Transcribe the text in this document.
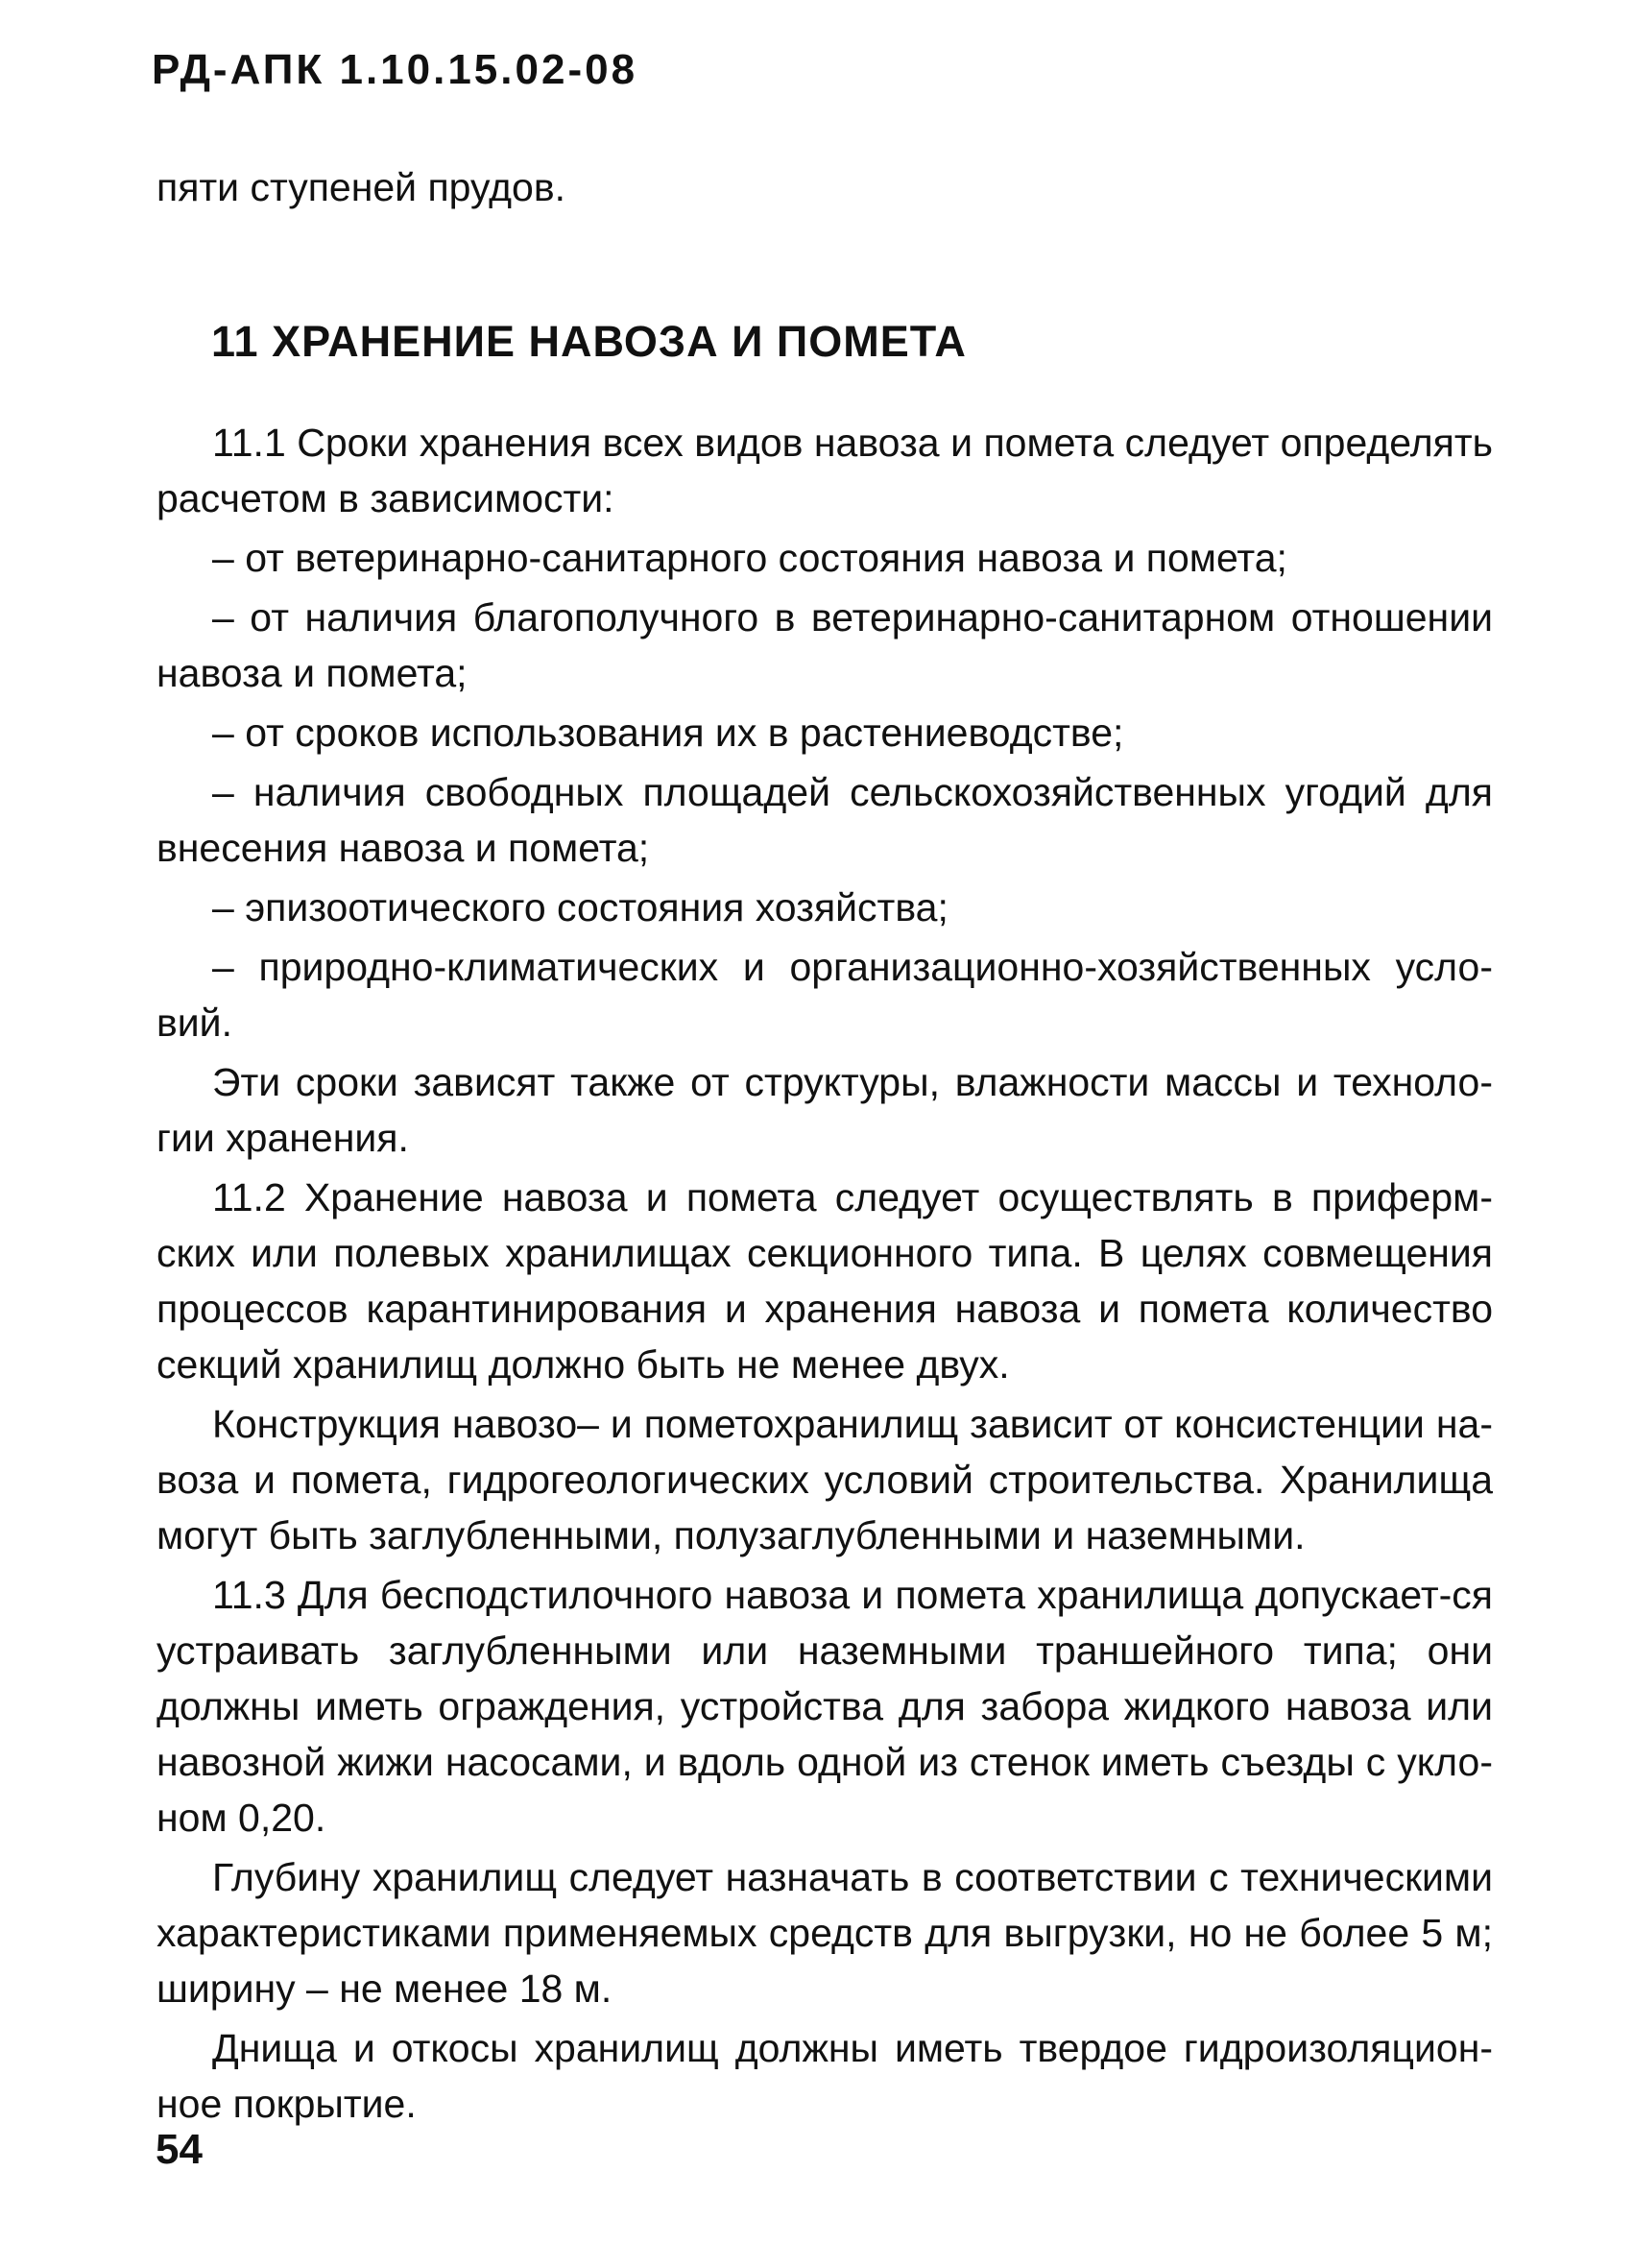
РД-АПК 1.10.15.02-08
пяти ступеней прудов.
11 ХРАНЕНИЕ НАВОЗА И ПОМЕТА

11.1 Сроки хранения всех видов навоза и помета следует определять расчетом в зависимости:

– от ветеринарно-санитарного состояния навоза и помета;

– от наличия благополучного в ветеринарно-санитарном отношении навоза и помета;

– от сроков использования их в растениеводстве;

– наличия свободных площадей сельскохозяйственных угодий для внесения навоза и помета;

– эпизоотического состояния хозяйства;

– природно-климатических и организационно-хозяйственных усло-вий.

Эти сроки зависят также от структуры, влажности массы и техноло-гии хранения.

11.2 Хранение навоза и помета следует осуществлять в приферм-ских или полевых хранилищах секционного типа. В целях совмещения процессов карантинирования и хранения навоза и помета количество секций хранилищ должно быть не менее двух.

Конструкция навозо– и пометохранилищ зависит от консистенции на-воза и помета, гидрогеологических условий строительства. Хранилища могут быть заглубленными, полузаглубленными и наземными.

11.3 Для бесподстилочного навоза и помета хранилища допускает-ся устраивать заглубленными или наземными траншейного типа; они должны иметь ограждения, устройства для забора жидкого навоза или навозной жижи насосами, и вдоль одной из стенок иметь съезды с укло-ном 0,20.

Глубину хранилищ следует назначать в соответствии с техническими характеристиками применяемых средств для выгрузки, но не более 5 м; ширину – не менее 18 м.

Днища и откосы хранилищ должны иметь твердое гидроизоляцион-ное покрытие.

54
